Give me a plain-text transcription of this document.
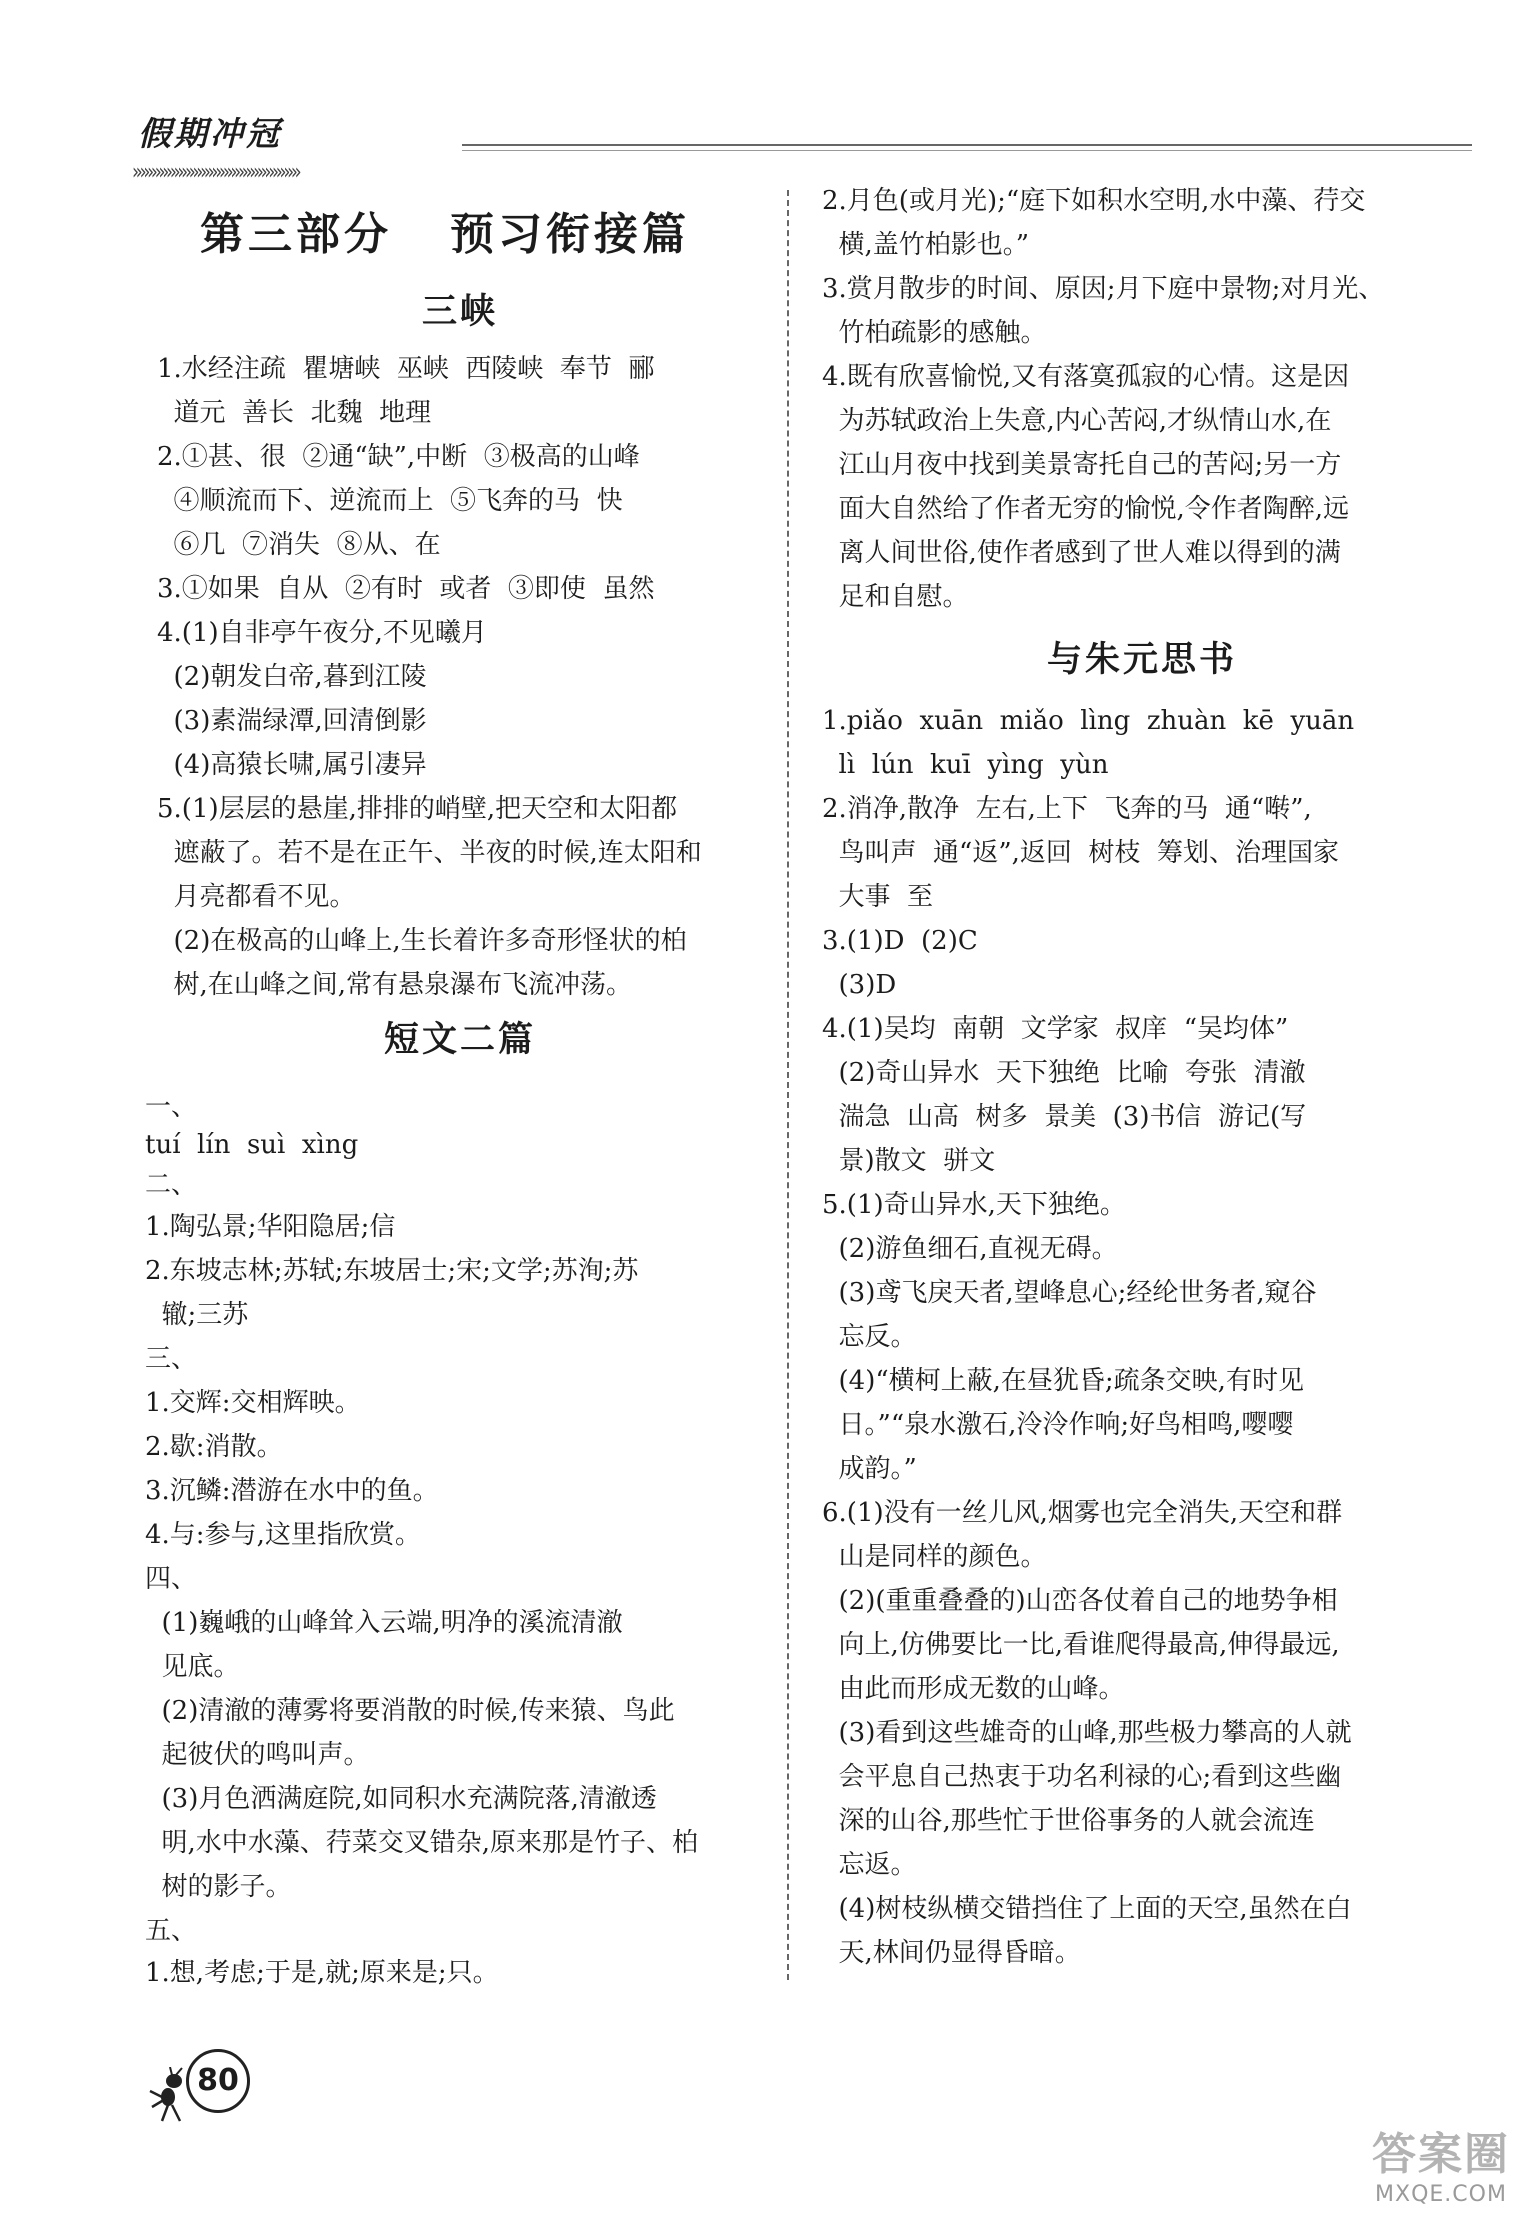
假期冲冠
»»»»»»»»»»»»»»»»»»»»»»
第三部分   预习衔接篇
三峡
1.水经注疏  瞿塘峡  巫峡  西陵峡  奉节  郦
道元  善长  北魏  地理
2.①甚、很  ②通“缺”,中断  ③极高的山峰
④顺流而下、逆流而上  ⑤飞奔的马  快
⑥几  ⑦消失  ⑧从、在
3.①如果  自从  ②有时  或者  ③即使  虽然
4.(1)自非亭午夜分,不见曦月
(2)朝发白帝,暮到江陵
(3)素湍绿潭,回清倒影
(4)高猿长啸,属引凄异
5.(1)层层的悬崖,排排的峭壁,把天空和太阳都
遮蔽了。若不是在正午、半夜的时候,连太阳和
月亮都看不见。
(2)在极高的山峰上,生长着许多奇形怪状的柏
树,在山峰之间,常有悬泉瀑布飞流冲荡。
短文二篇
一、
tuí  lín  suì  xìng
二、
1.陶弘景;华阳隐居;信
2.东坡志林;苏轼;东坡居士;宋;文学;苏洵;苏
辙;三苏
三、
1.交辉:交相辉映。
2.歇:消散。
3.沉鳞:潜游在水中的鱼。
4.与:参与,这里指欣赏。
四、
(1)巍峨的山峰耸入云端,明净的溪流清澈
见底。
(2)清澈的薄雾将要消散的时候,传来猿、鸟此
起彼伏的鸣叫声。
(3)月色洒满庭院,如同积水充满院落,清澈透
明,水中水藻、荇菜交叉错杂,原来那是竹子、柏
树的影子。
五、
1.想,考虑;于是,就;原来是;只。
2.月色(或月光);“庭下如积水空明,水中藻、荇交
横,盖竹柏影也。”
3.赏月散步的时间、原因;月下庭中景物;对月光、
竹柏疏影的感触。
4.既有欣喜愉悦,又有落寞孤寂的心情。这是因
为苏轼政治上失意,内心苦闷,才纵情山水,在
江山月夜中找到美景寄托自己的苦闷;另一方
面大自然给了作者无穷的愉悦,令作者陶醉,远
离人间世俗,使作者感到了世人难以得到的满
足和自慰。
与朱元思书
1.piǎo  xuān  miǎo  lìng  zhuàn  kē  yuān
lì  lún  kuī  yìng  yùn
2.消净,散净  左右,上下  飞奔的马  通“啭”,
鸟叫声  通“返”,返回  树枝  筹划、治理国家
大事  至
3.(1)D  (2)C
(3)D
4.(1)吴均  南朝  文学家  叔庠  “吴均体”
(2)奇山异水  天下独绝  比喻  夸张  清澈
湍急  山高  树多  景美  (3)书信  游记(写
景)散文  骈文
5.(1)奇山异水,天下独绝。
(2)游鱼细石,直视无碍。
(3)鸢飞戾天者,望峰息心;经纶世务者,窥谷
忘反。
(4)“横柯上蔽,在昼犹昏;疏条交映,有时见
日。”“泉水激石,泠泠作响;好鸟相鸣,嘤嘤
成韵。”
6.(1)没有一丝儿风,烟雾也完全消失,天空和群
山是同样的颜色。
(2)(重重叠叠的)山峦各仗着自己的地势争相
向上,仿佛要比一比,看谁爬得最高,伸得最远,
由此而形成无数的山峰。
(3)看到这些雄奇的山峰,那些极力攀高的人就
会平息自己热衷于功名利禄的心;看到这些幽
深的山谷,那些忙于世俗事务的人就会流连
忘返。
(4)树枝纵横交错挡住了上面的天空,虽然在白
天,林间仍显得昏暗。
80
答案圈
MXQE.COM
